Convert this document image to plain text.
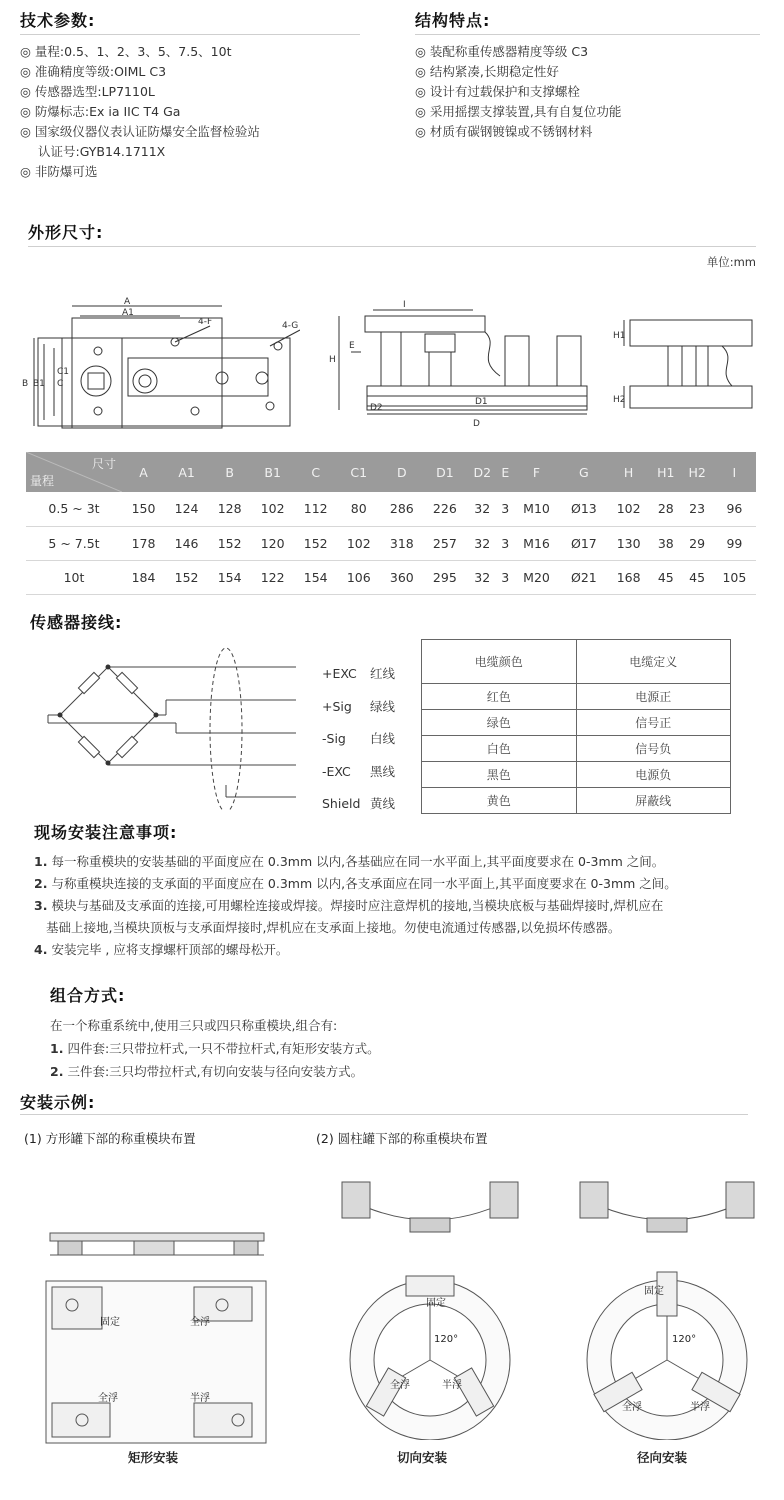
技术参数:
◎ 量程:0.5、1、2、3、5、7.5、10t
◎ 准确精度等级:OIML C3
◎ 传感器选型:LP7110L
◎ 防爆标志:Ex ia IIC T4 Ga
◎ 国家级仪器仪表认证防爆安全监督检验站
认证号:GYB14.1711X
◎ 非防爆可选
结构特点:
◎ 装配称重传感器精度等级 C3
◎ 结构紧凑,长期稳定性好
◎ 设计有过载保护和支撑螺栓
◎ 采用摇摆支撑装置,具有自复位功能
◎ 材质有碳钢镀镍或不锈钢材料
外形尺寸:
单位:mm
A
A1
B B1 C
C1
4-F	4-G
I
H
E
D2
D1
D
H1
H2
尺寸
量程	A	A1	B	B1	C	C1	D	D1	D2	E	F	G	H	H1	H2	I
0.5 ~ 3t	150	124	128	102	112	80	286	226	32	3	M10	Ø13	102	28	23	96
5 ~ 7.5t	178	146	152	120	152	102	318	257	32	3	M16	Ø17	130	38	29	99
10t	184	152	154	122	154	106	360	295	32	3	M20	Ø21	168	45	45	105
传感器接线:
+EXC 红线
+Sig 绿线
-Sig 白线
-EXC 黑线
Shield 黄线
电缆颜色	电缆定义
红色	电源正
绿色	信号正
白色	信号负
黑色	电源负
黄色	屏蔽线
现场安装注意事项:
1. 每一称重模块的安装基础的平面度应在 0.3mm 以内,各基础应在同一水平面上,其平面度要求在 0-3mm 之间。
2. 与称重模块连接的支承面的平面度应在 0.3mm 以内,各支承面应在同一水平面上,其平面度要求在 0-3mm 之间。
3. 模块与基础及支承面的连接,可用螺栓连接或焊接。焊接时应注意焊机的接地,当模块底板与基础焊接时,焊机应在
基础上接地,当模块顶板与支承面焊接时,焊机应在支承面上接地。勿使电流通过传感器,以免损坏传感器。
4. 安装完毕 , 应将支撑螺杆顶部的螺母松开。
组合方式:
在一个称重系统中,使用三只或四只称重模块,组合有:
1. 四件套:三只带拉杆式,一只不带拉杆式,有矩形安装方式。
2. 三件套:三只均带拉杆式,有切向安装与径向安装方式。
安装示例:
(1) 方形罐下部的称重模块布置	(2) 圆柱罐下部的称重模块布置
固定	全浮
全浮	半浮
固定
全浮	半浮
120°
固定
全浮	半浮
120°
矩形安装	切向安装	径向安装
